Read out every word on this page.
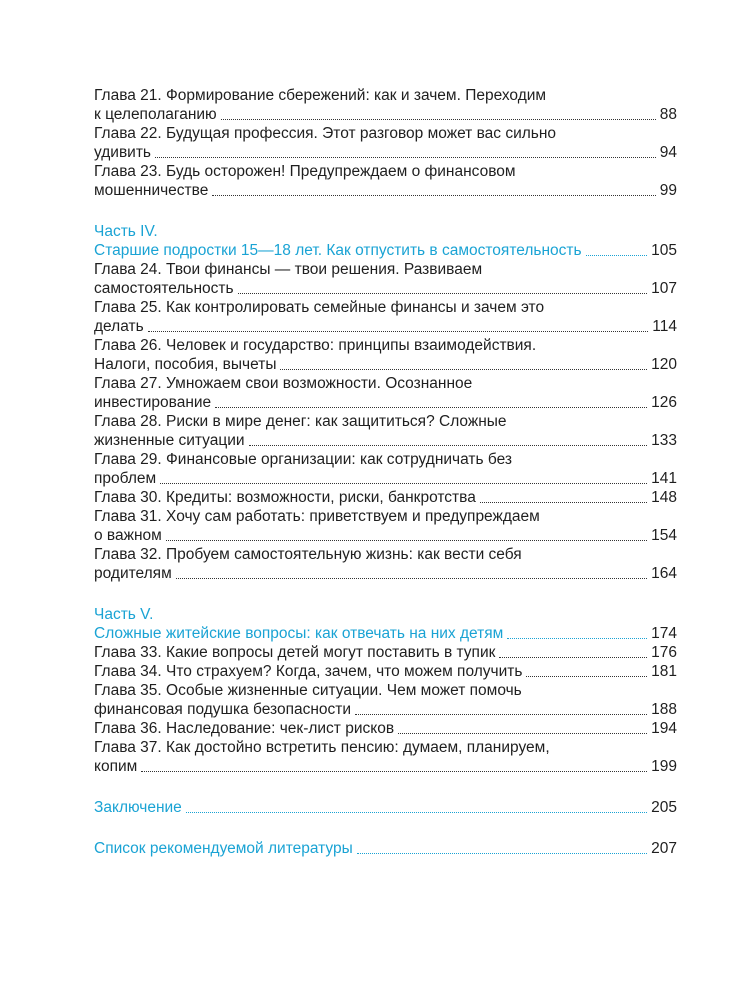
Глава 21. Формирование сбережений: как и зачем. Переходим
к целеполаганию	88
Глава 22. Будущая профессия. Этот разговор может вас сильно
удивить	94
Глава 23. Будь осторожен! Предупреждаем о финансовом
мошенничестве	99
Часть IV.
Старшие подростки 15—18 лет. Как отпустить в самостоятельность	105
Глава 24. Твои финансы — твои решения. Развиваем
самостоятельность	107
Глава 25. Как контролировать семейные финансы и зачем это
делать	114
Глава 26. Человек и государство: принципы взаимодействия.
Налоги, пособия, вычеты	120
Глава 27. Умножаем свои возможности. Осознанное
инвестирование	126
Глава 28. Риски в мире денег: как защититься? Сложные
жизненные ситуации	133
Глава 29. Финансовые организации: как сотрудничать без
проблем	141
Глава 30. Кредиты: возможности, риски, банкротства	148
Глава 31. Хочу сам работать: приветствуем и предупреждаем
о важном	154
Глава 32. Пробуем самостоятельную жизнь: как вести себя
родителям	164
Часть V.
Сложные житейские вопросы: как отвечать на них детям	174
Глава 33. Какие вопросы детей могут поставить в тупик	176
Глава 34. Что страхуем? Когда, зачем, что можем получить	181
Глава 35. Особые жизненные ситуации. Чем может помочь
финансовая подушка безопасности	188
Глава 36. Наследование: чек-лист рисков	194
Глава 37. Как достойно встретить пенсию: думаем, планируем,
копим	199
Заключение	205
Список рекомендуемой литературы	207
